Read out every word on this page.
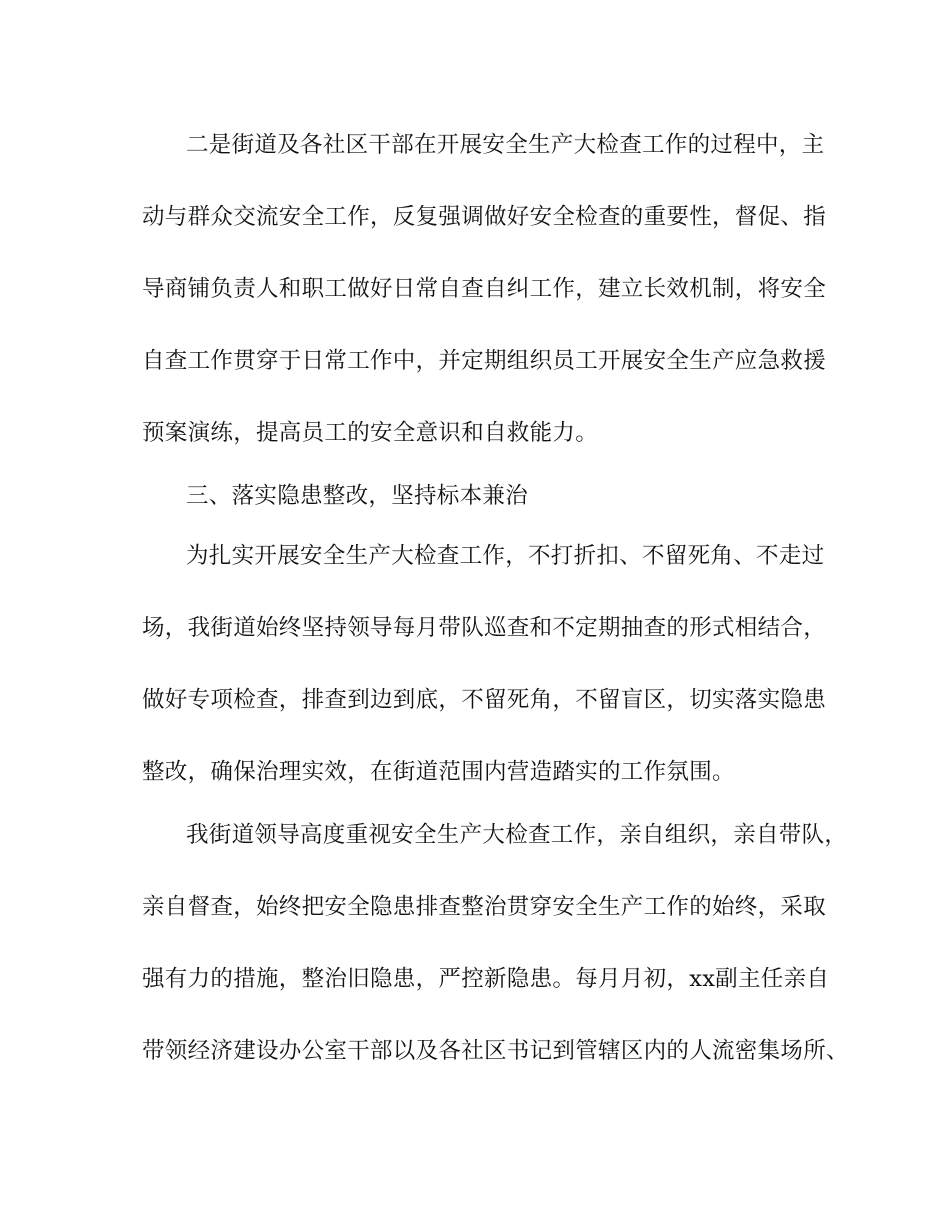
二是街道及各社区干部在开展安全生产大检查工作的过程中，主
动与群众交流安全工作，反复强调做好安全检查的重要性，督促、指
导商铺负责人和职工做好日常自查自纠工作，建立长效机制，将安全
自查工作贯穿于日常工作中，并定期组织员工开展安全生产应急救援
预案演练，提高员工的安全意识和自救能力。
三、落实隐患整改，坚持标本兼治
为扎实开展安全生产大检查工作，不打折扣、不留死角、不走过
场，我街道始终坚持领导每月带队巡查和不定期抽查的形式相结合，
做好专项检查，排查到边到底，不留死角，不留盲区，切实落实隐患
整改，确保治理实效，在街道范围内营造踏实的工作氛围。
我街道领导高度重视安全生产大检查工作，亲自组织，亲自带队，
亲自督查，始终把安全隐患排查整治贯穿安全生产工作的始终，采取
强有力的措施，整治旧隐患，严控新隐患。每月月初，xx副主任亲自
带领经济建设办公室干部以及各社区书记到管辖区内的人流密集场所、
